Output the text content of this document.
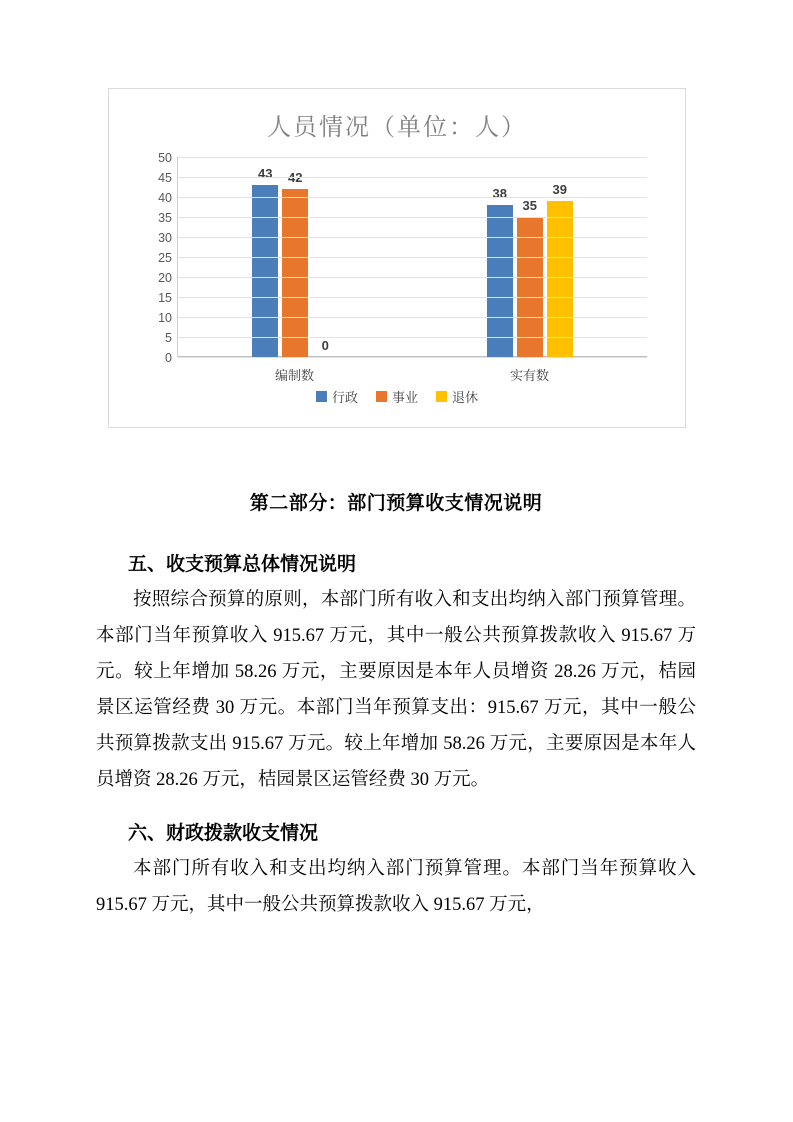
人员情况（单位：人）
43 42
0
38
35
39
50
45
40
35
30
25
20
15
10
5
0
编制数	实有数
行政	事业	退休
第二部分：部门预算收支情况说明
五、收支预算总体情况说明

按照综合预算的原则，本部门所有收入和支出均纳入部门预算管理。本部门当年预算收入 915.67 万元，其中一般公共预算拨款收入 915.67 万元。较上年增加 58.26 万元，主要原因是本年人员增资 28.26 万元，桔园景区运管经费 30 万元。本部门当年预算支出：915.67 万元，其中一般公共预算拨款支出 915.67 万元。较上年增加 58.26 万元，主要原因是本年人员增资 28.26 万元，桔园景区运管经费 30 万元。

六、财政拨款收支情况

本部门所有收入和支出均纳入部门预算管理。本部门当年预算收入 915.67 万元，其中一般公共预算拨款收入 915.67 万元，
